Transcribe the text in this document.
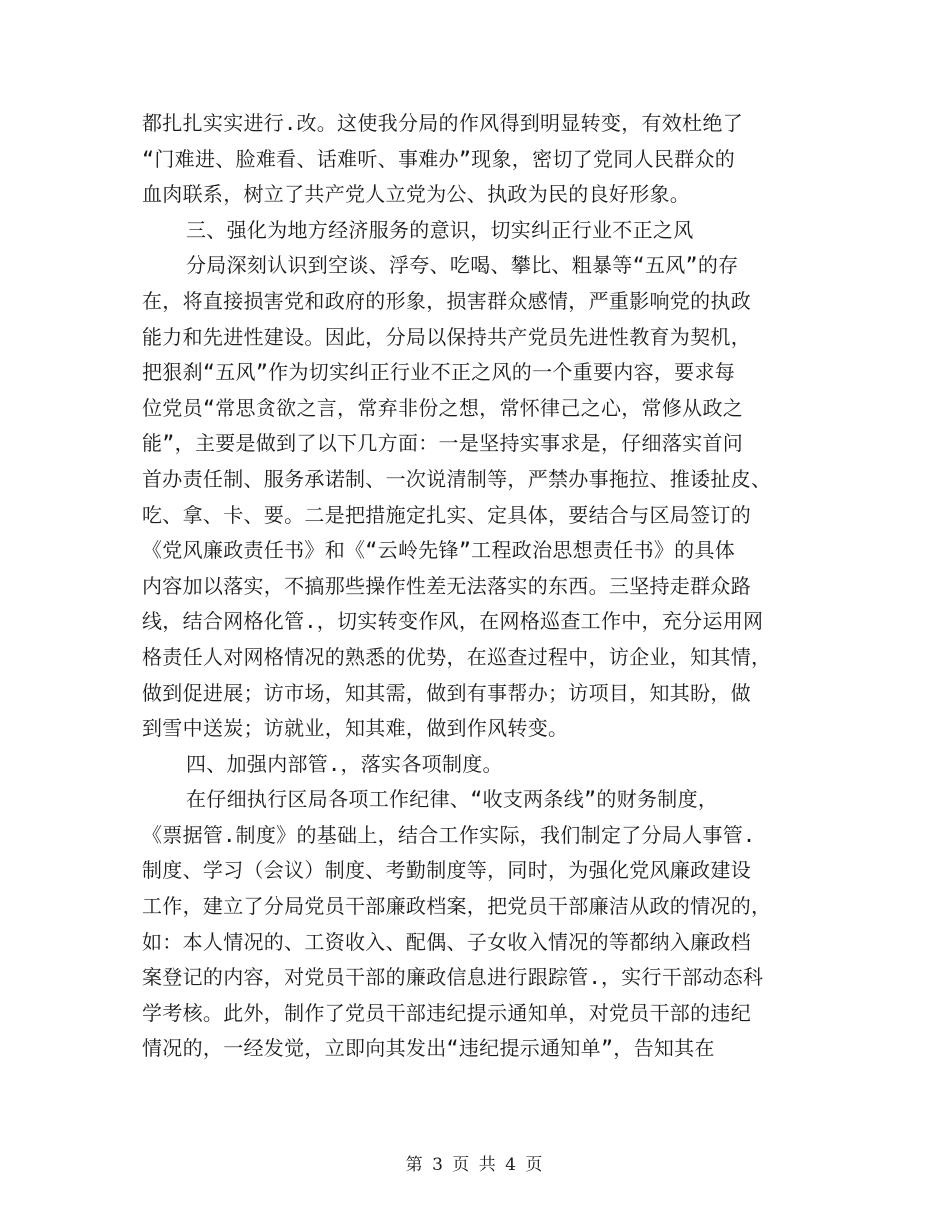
都扎扎实实进行.改。这使我分局的作风得到明显转变，有效杜绝了
“门难进、脸难看、话难听、事难办”现象，密切了党同人民群众的
血肉联系，树立了共产党人立党为公、执政为民的良好形象。
三、强化为地方经济服务的意识，切实纠正行业不正之风
分局深刻认识到空谈、浮夸、吃喝、攀比、粗暴等“五风”的存
在，将直接损害党和政府的形象，损害群众感情，严重影响党的执政
能力和先进性建设。因此，分局以保持共产党员先进性教育为契机，
把狠刹“五风”作为切实纠正行业不正之风的一个重要内容，要求每
位党员“常思贪欲之言，常弃非份之想，常怀律己之心，常修从政之
能”，主要是做到了以下几方面：一是坚持实事求是，仔细落实首问
首办责任制、服务承诺制、一次说清制等，严禁办事拖拉、推诿扯皮、
吃、拿、卡、要。二是把措施定扎实、定具体，要结合与区局签订的
《党风廉政责任书》和《“云岭先锋”工程政治思想责任书》的具体
内容加以落实，不搞那些操作性差无法落实的东西。三坚持走群众路
线，结合网格化管.，切实转变作风，在网格巡查工作中，充分运用网
格责任人对网格情况的熟悉的优势，在巡查过程中，访企业，知其情，
做到促进展；访市场，知其需，做到有事帮办；访项目，知其盼，做
到雪中送炭；访就业，知其难，做到作风转变。
四、加强内部管.，落实各项制度。
在仔细执行区局各项工作纪律、“收支两条线”的财务制度，
《票据管.制度》的基础上，结合工作实际，我们制定了分局人事管.
制度、学习（会议）制度、考勤制度等，同时，为强化党风廉政建设
工作，建立了分局党员干部廉政档案，把党员干部廉洁从政的情况的，
如：本人情况的、工资收入、配偶、子女收入情况的等都纳入廉政档
案登记的内容，对党员干部的廉政信息进行跟踪管.，实行干部动态科
学考核。此外，制作了党员干部违纪提示通知单，对党员干部的违纪
情况的，一经发觉，立即向其发出“违纪提示通知单”，告知其在
第 3 页 共 4 页
